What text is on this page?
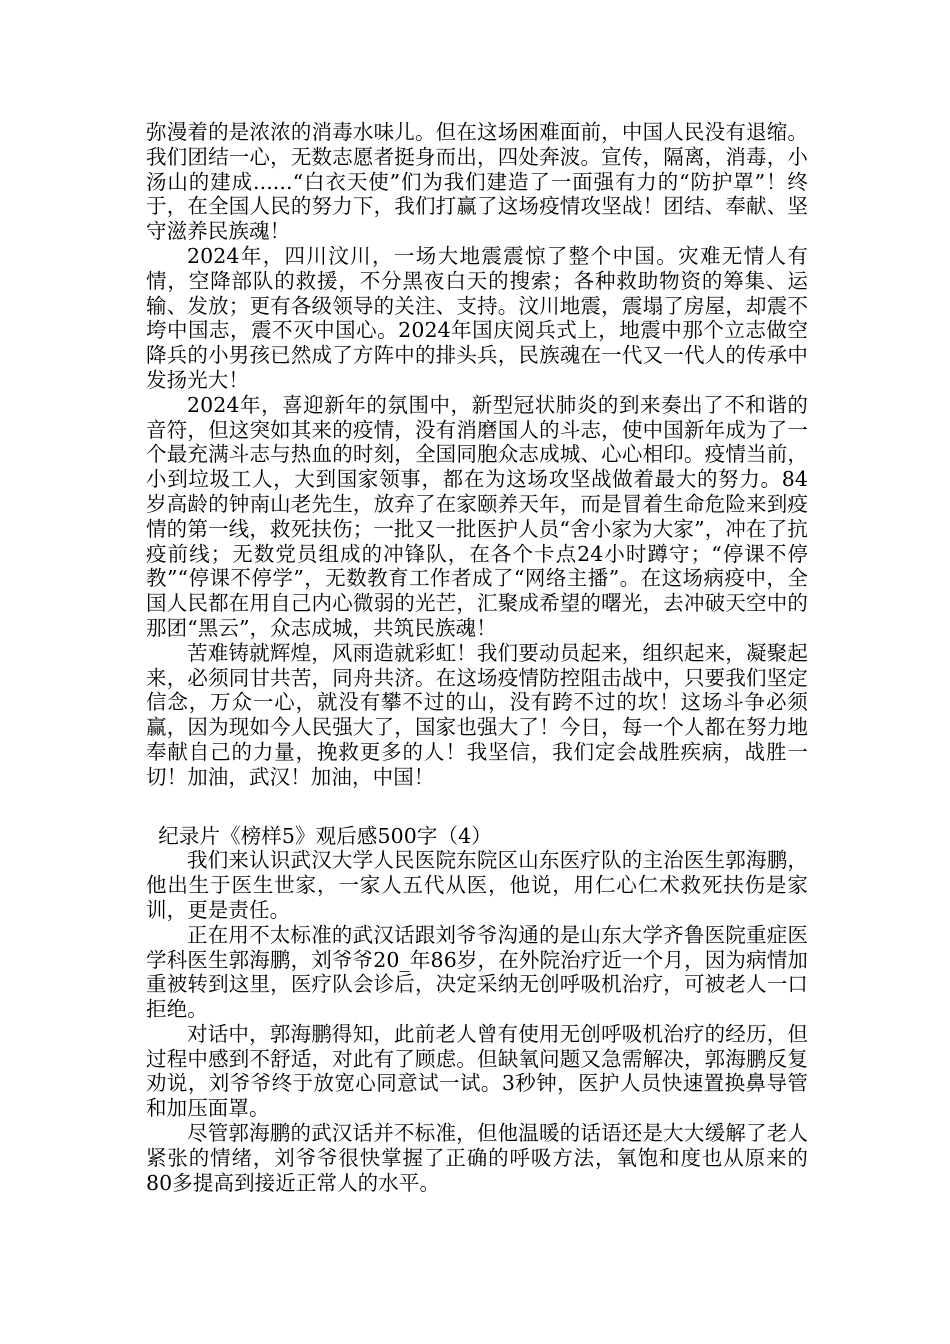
弥漫着的是浓浓的消毒水味儿。但在这场困难面前，中国人民没有退缩。我们团结一心，无数志愿者挺身而出，四处奔波。宣传，隔离，消毒，小汤山的建成......“白衣天使”们为我们建造了一面强有力的“防护罩”！终于，在全国人民的努力下，我们打赢了这场疫情攻坚战！团结、奉献、坚守滋养民族魂！

2024年，四川汶川，一场大地震震惊了整个中国。灾难无情人有情，空降部队的救援，不分黑夜白天的搜索；各种救助物资的筹集、运输、发放；更有各级领导的关注、支持。汶川地震，震塌了房屋，却震不垮中国志，震不灭中国心。2024年国庆阅兵式上，地震中那个立志做空降兵的小男孩已然成了方阵中的排头兵，民族魂在一代又一代人的传承中发扬光大！

2024年，喜迎新年的氛围中，新型冠状肺炎的到来奏出了不和谐的音符，但这突如其来的疫情，没有消磨国人的斗志，使中国新年成为了一个最充满斗志与热血的时刻，全国同胞众志成城、心心相印。疫情当前，小到垃圾工人，大到国家领事，都在为这场攻坚战做着最大的努力。84岁高龄的钟南山老先生，放弃了在家颐养天年，而是冒着生命危险来到疫情的第一线，救死扶伤；一批又一批医护人员“舍小家为大家”，冲在了抗疫前线；无数党员组成的冲锋队，在各个卡点24小时蹲守；“停课不停教”“停课不停学”，无数教育工作者成了“网络主播”。在这场病疫中，全国人民都在用自己内心微弱的光芒，汇聚成希望的曙光，去冲破天空中的那团“黑云”，众志成城，共筑民族魂！

苦难铸就辉煌，风雨造就彩虹！我们要动员起来，组织起来，凝聚起来，必须同甘共苦，同舟共济。在这场疫情防控阻击战中，只要我们坚定信念，万众一心，就没有攀不过的山，没有跨不过的坎！这场斗争必须赢，因为现如今人民强大了，国家也强大了！今日，每一个人都在努力地奉献自己的力量，挽救更多的人！我坚信，我们定会战胜疾病，战胜一切！加油，武汉！加油，中国！

纪录片《榜样5》观后感500字（4）

我们来认识武汉大学人民医院东院区山东医疗队的主治医生郭海鹏，他出生于医生世家，一家人五代从医，他说，用仁心仁术救死扶伤是家训，更是责任。

正在用不太标准的武汉话跟刘爷爷沟通的是山东大学齐鲁医院重症医学科医生郭海鹏，刘爷爷20_年86岁，在外院治疗近一个月，因为病情加重被转到这里，医疗队会诊后，决定采纳无创呼吸机治疗，可被老人一口拒绝。

对话中，郭海鹏得知，此前老人曾有使用无创呼吸机治疗的经历，但过程中感到不舒适，对此有了顾虑。但缺氧问题又急需解决，郭海鹏反复劝说，刘爷爷终于放宽心同意试一试。3秒钟，医护人员快速置换鼻导管和加压面罩。

尽管郭海鹏的武汉话并不标准，但他温暖的话语还是大大缓解了老人紧张的情绪，刘爷爷很快掌握了正确的呼吸方法，氧饱和度也从原来的80多提高到接近正常人的水平。
